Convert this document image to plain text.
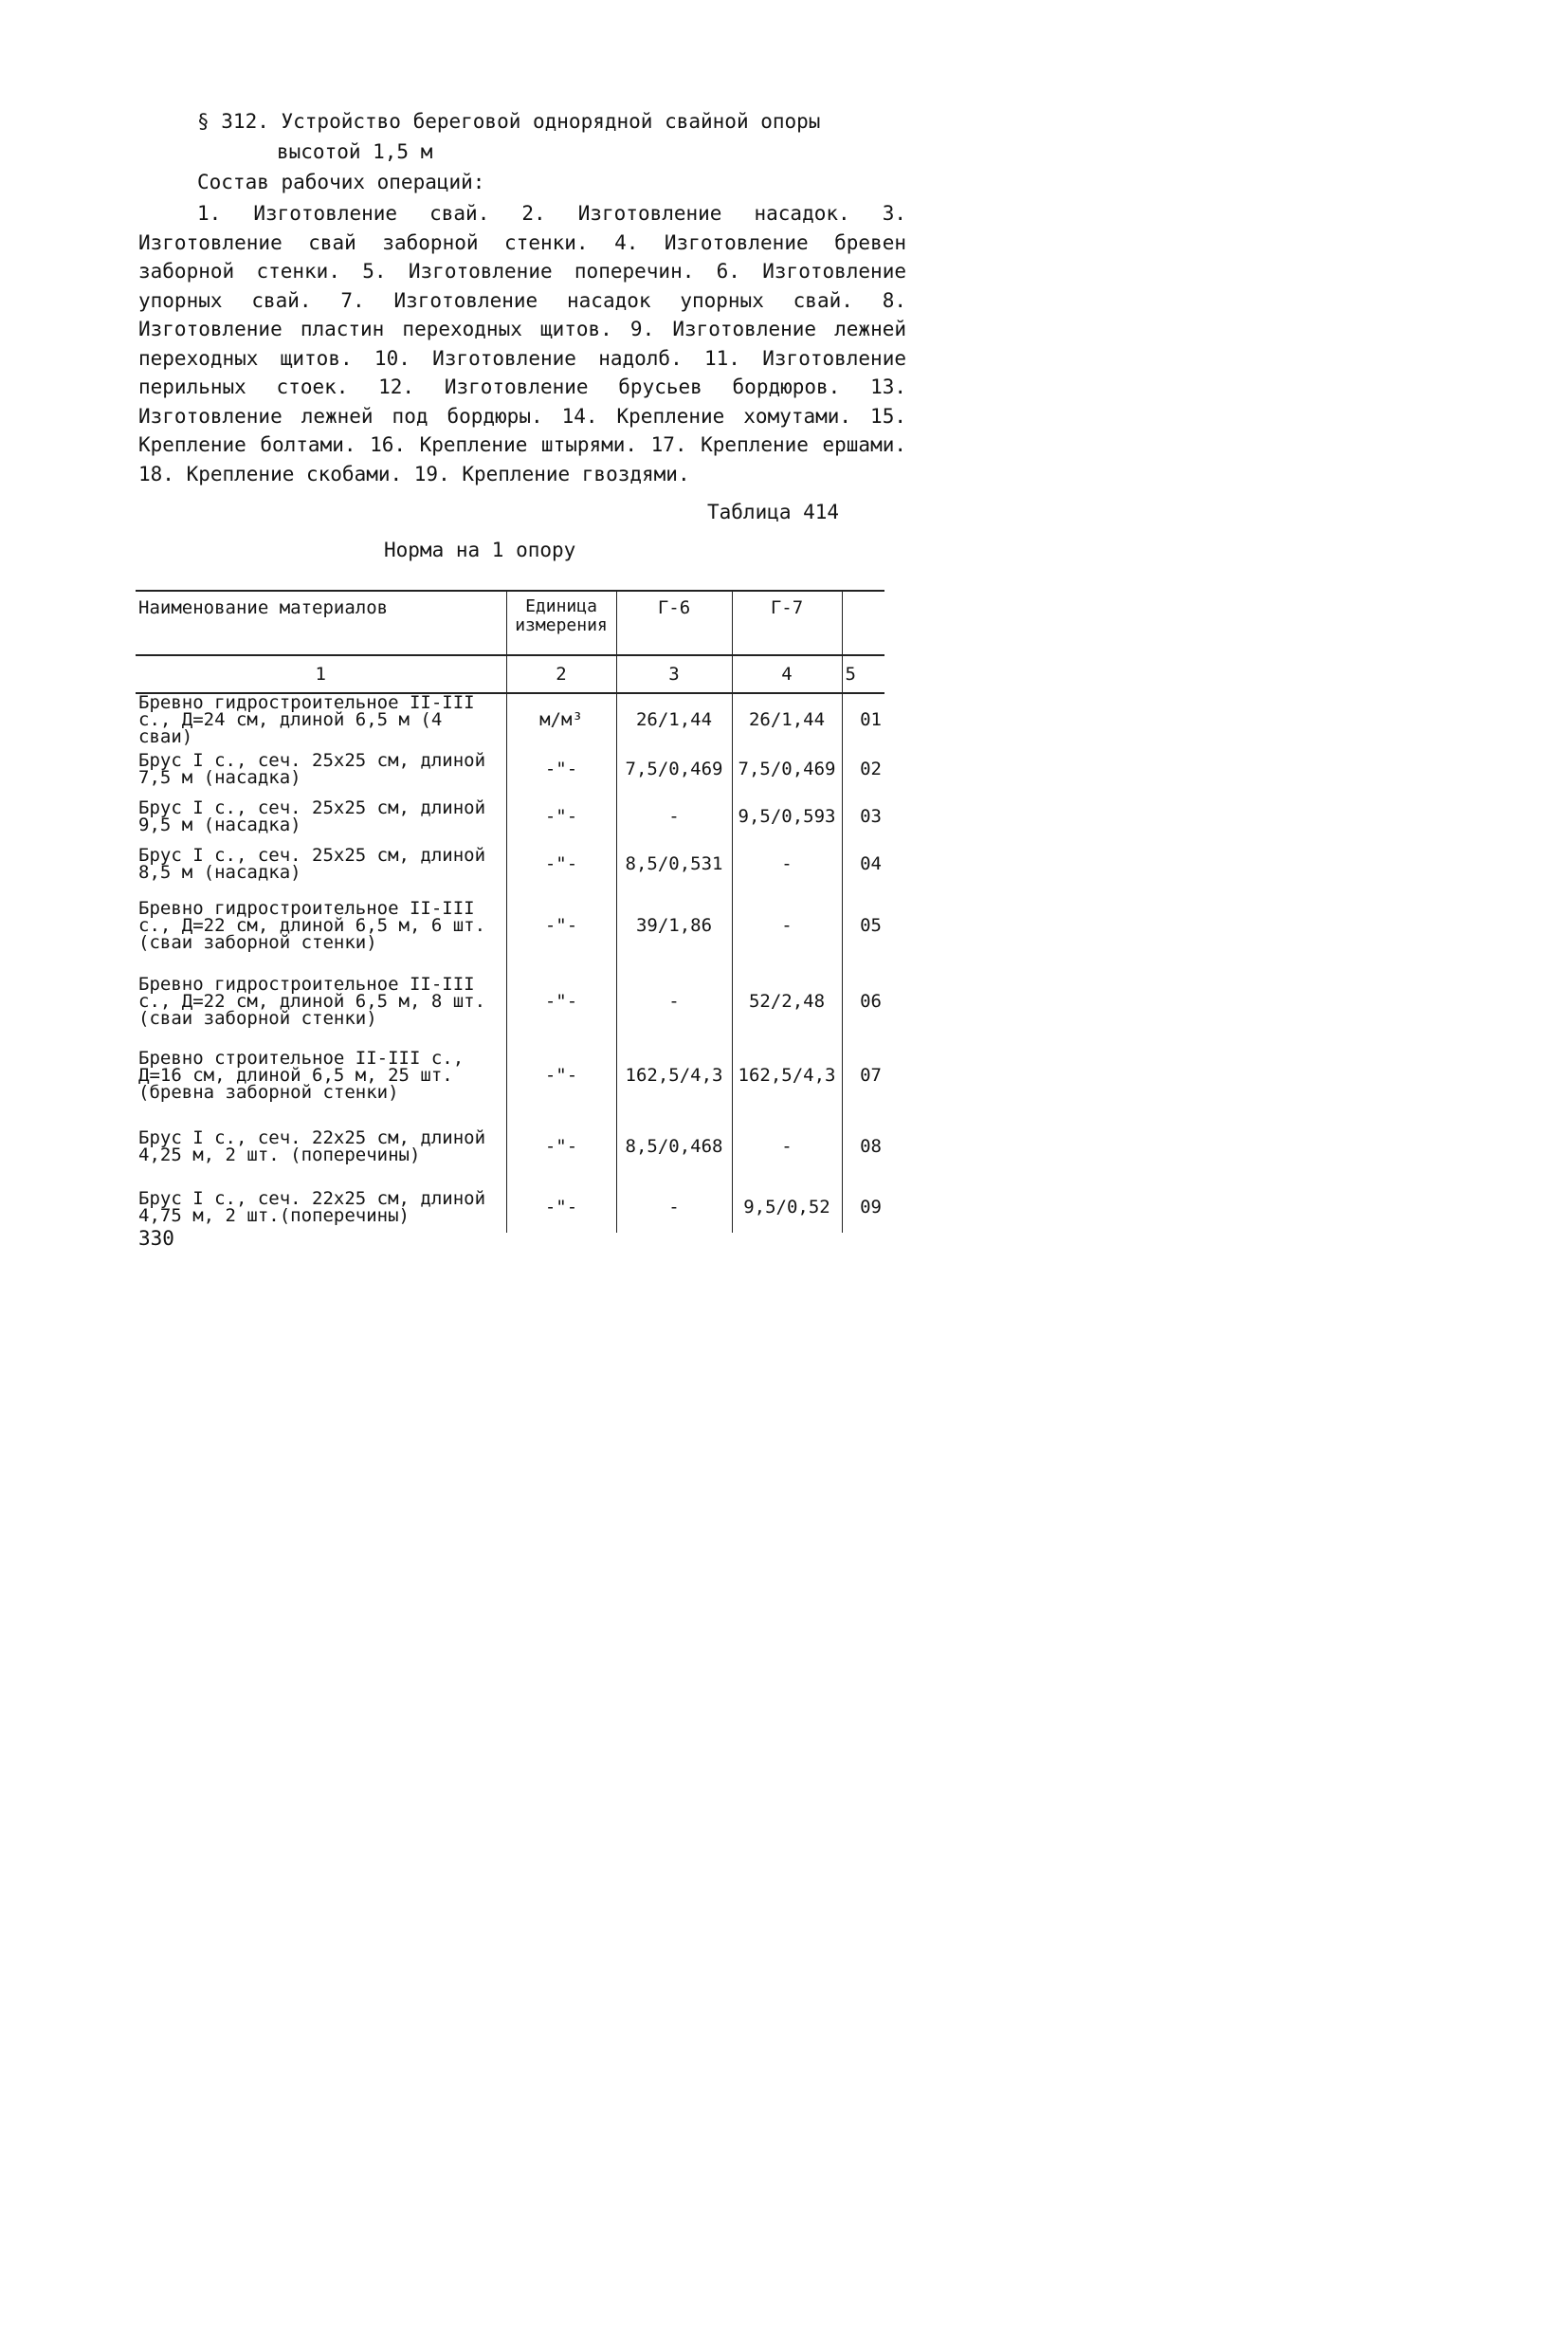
§ 312. Устройство береговой однорядной свайной опоры
высотой 1,5 м
Состав рабочих операций:
1. Изготовление свай. 2. Изготовление насадок. 3. Изготовление свай заборной стенки. 4. Изготовление бревен заборной стенки. 5. Изготовление поперечин. 6. Изготовление упорных свай. 7. Изготовление насадок упорных свай. 8. Изготовление пластин переходных щитов. 9. Изготовление лежней переходных щитов. 10. Изготовление надолб. 11. Изготовление перильных стоек. 12. Изготовление брусьев бордюров. 13. Изготовление лежней под бордюры. 14. Крепление хомутами. 15. Крепление болтами. 16. Крепление штырями. 17. Крепление ершами. 18. Крепление скобами. 19. Крепление гвоздями.
Таблица 414
Норма на 1 опору
Наименование материалов	Единица измерения	Г-6	Г-7	
1	2	3	4	5
Бревно гидростроительное II-III с., Д=24 см, длиной 6,5 м (4 сваи)	м/м³	26/1,44	26/1,44	01
Брус I с., сеч. 25х25 см, длиной 7,5 м (насадка)	-"-	7,5/0,469	7,5/0,469	02
Брус I с., сеч. 25х25 см, длиной 9,5 м (насадка)	-"-	-	9,5/0,593	03
Брус I с., сеч. 25х25 см, длиной 8,5 м (насадка)	-"-	8,5/0,531	-	04
Бревно гидростроительное II-III с., Д=22 см, длиной 6,5 м, 6 шт. (сваи заборной стенки)	-"-	39/1,86	-	05
Бревно гидростроительное II-III с., Д=22 см, длиной 6,5 м, 8 шт. (сваи заборной стенки)	-"-	-	52/2,48	06
Бревно строительное II-III с., Д=16 см, длиной 6,5 м, 25 шт. (бревна заборной стенки)	-"-	162,5/4,3	162,5/4,3	07
Брус I с., сеч. 22х25 см, длиной 4,25 м, 2 шт. (поперечины)	-"-	8,5/0,468	-	08
Брус I с., сеч. 22х25 см, длиной 4,75 м, 2 шт.(поперечины)	-"-	-	9,5/0,52	09
330
